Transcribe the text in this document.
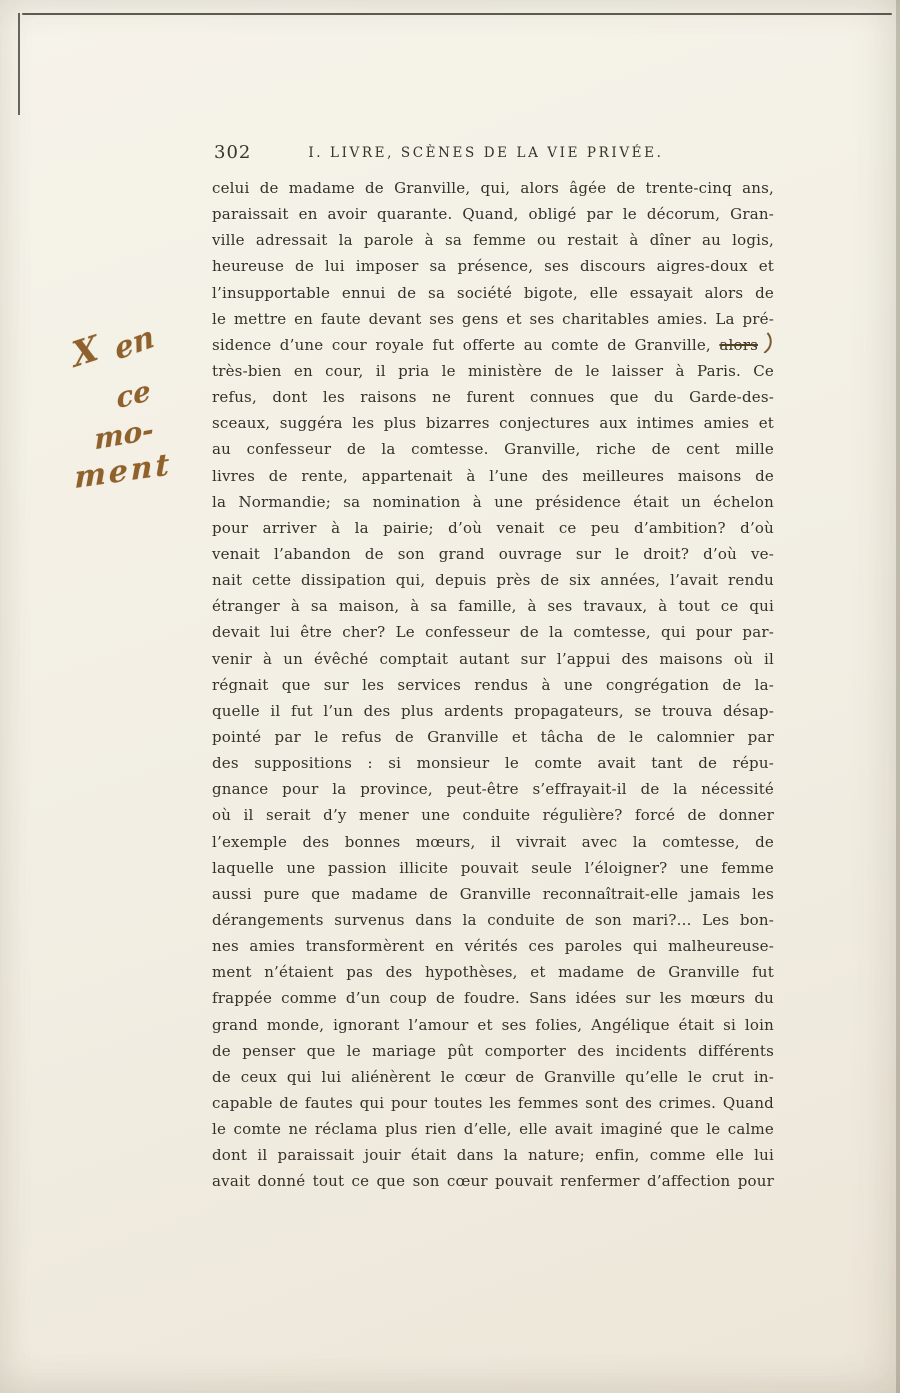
302	I. LIVRE, SCÈNES DE LA VIE PRIVÉE.
X en
ce
mo-
ment
celui de madame de Granville, qui, alors âgée de trente-cinq ans,
paraissait en avoir quarante. Quand, obligé par le décorum, Gran-
ville adressait la parole à sa femme ou restait à dîner au logis,
heureuse de lui imposer sa présence, ses discours aigres-doux et
l’insupportable ennui de sa société bigote, elle essayait alors de
le mettre en faute devant ses gens et ses charitables amies. La pré-
sidence d’une cour royale fut offerte au comte de Granville, alors
très-bien en cour, il pria le ministère de le laisser à Paris. Ce
refus, dont les raisons ne furent connues que du Garde-des-
sceaux, suggéra les plus bizarres conjectures aux intimes amies et
au confesseur de la comtesse. Granville, riche de cent mille
livres de rente, appartenait à l’une des meilleures maisons de
la Normandie; sa nomination à une présidence était un échelon
pour arriver à la pairie; d’où venait ce peu d’ambition? d’où
venait l’abandon de son grand ouvrage sur le droit? d’où ve-
nait cette dissipation qui, depuis près de six années, l’avait rendu
étranger à sa maison, à sa famille, à ses travaux, à tout ce qui
devait lui être cher? Le confesseur de la comtesse, qui pour par-
venir à un évêché comptait autant sur l’appui des maisons où il
régnait que sur les services rendus à une congrégation de la-
quelle il fut l’un des plus ardents propagateurs, se trouva désap-
pointé par le refus de Granville et tâcha de le calomnier par
des suppositions : si monsieur le comte avait tant de répu-
gnance pour la province, peut-être s’effrayait-il de la nécessité
où il serait d’y mener une conduite régulière? forcé de donner
l’exemple des bonnes mœurs, il vivrait avec la comtesse, de
laquelle une passion illicite pouvait seule l’éloigner? une femme
aussi pure que madame de Granville reconnaîtrait-elle jamais les
dérangements survenus dans la conduite de son mari?... Les bon-
nes amies transformèrent en vérités ces paroles qui malheureuse-
ment n’étaient pas des hypothèses, et madame de Granville fut
frappée comme d’un coup de foudre. Sans idées sur les mœurs du
grand monde, ignorant l’amour et ses folies, Angélique était si loin
de penser que le mariage pût comporter des incidents différents
de ceux qui lui aliénèrent le cœur de Granville qu’elle le crut in-
capable de fautes qui pour toutes les femmes sont des crimes. Quand
le comte ne réclama plus rien d’elle, elle avait imaginé que le calme
dont il paraissait jouir était dans la nature; enfin, comme elle lui
avait donné tout ce que son cœur pouvait renfermer d’affection pour
